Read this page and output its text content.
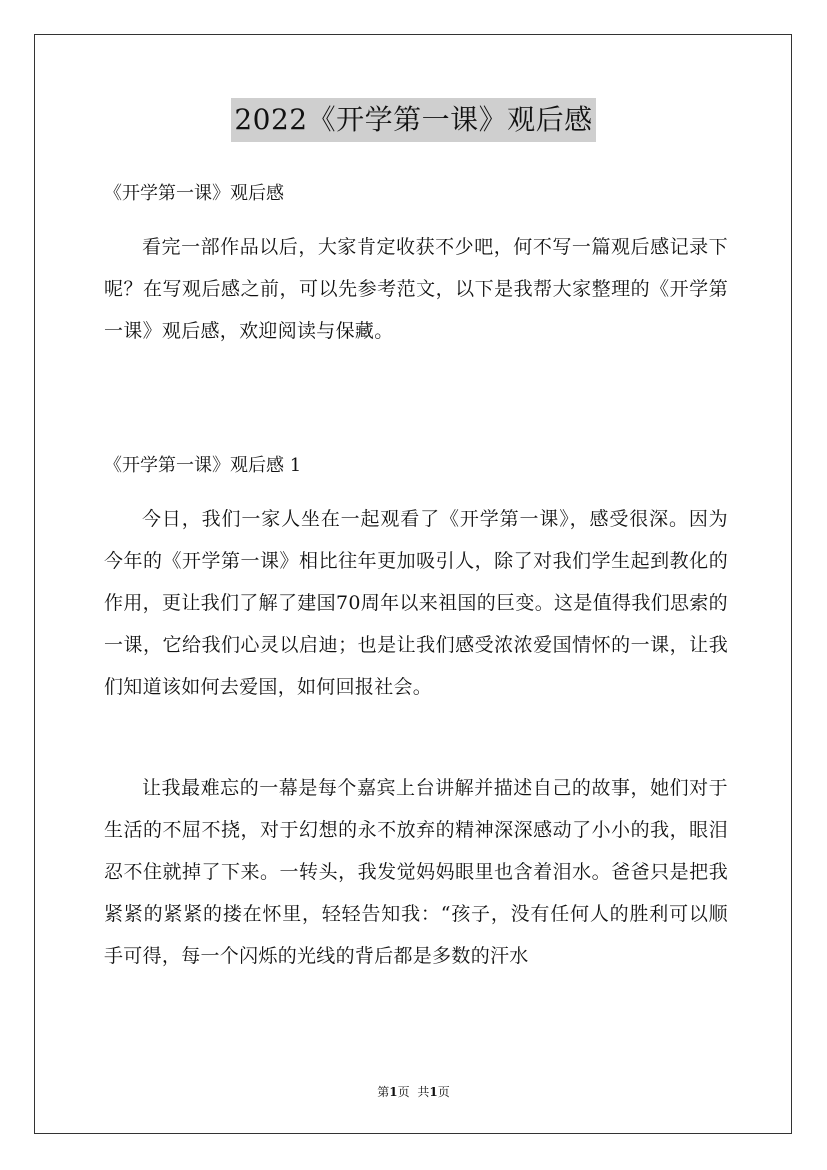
2022《开学第一课》观后感
《开学第一课》观后感

看完一部作品以后，大家肯定收获不少吧，何不写一篇观后感记录下呢？在写观后感之前，可以先参考范文，以下是我帮大家整理的《开学第一课》观后感，欢迎阅读与保藏。

《开学第一课》观后感 1

今日，我们一家人坐在一起观看了《开学第一课》，感受很深。因为今年的《开学第一课》相比往年更加吸引人，除了对我们学生起到教化的作用，更让我们了解了建国70周年以来祖国的巨变。这是值得我们思索的一课，它给我们心灵以启迪；也是让我们感受浓浓爱国情怀的一课，让我们知道该如何去爱国，如何回报社会。

让我最难忘的一幕是每个嘉宾上台讲解并描述自己的故事，她们对于生活的不屈不挠，对于幻想的永不放弃的精神深深感动了小小的我，眼泪忍不住就掉了下来。一转头，我发觉妈妈眼里也含着泪水。爸爸只是把我紧紧的紧紧的搂在怀里，轻轻告知我：“孩子，没有任何人的胜利可以顺手可得，每一个闪烁的光线的背后都是多数的汗水

第1页 共1页
